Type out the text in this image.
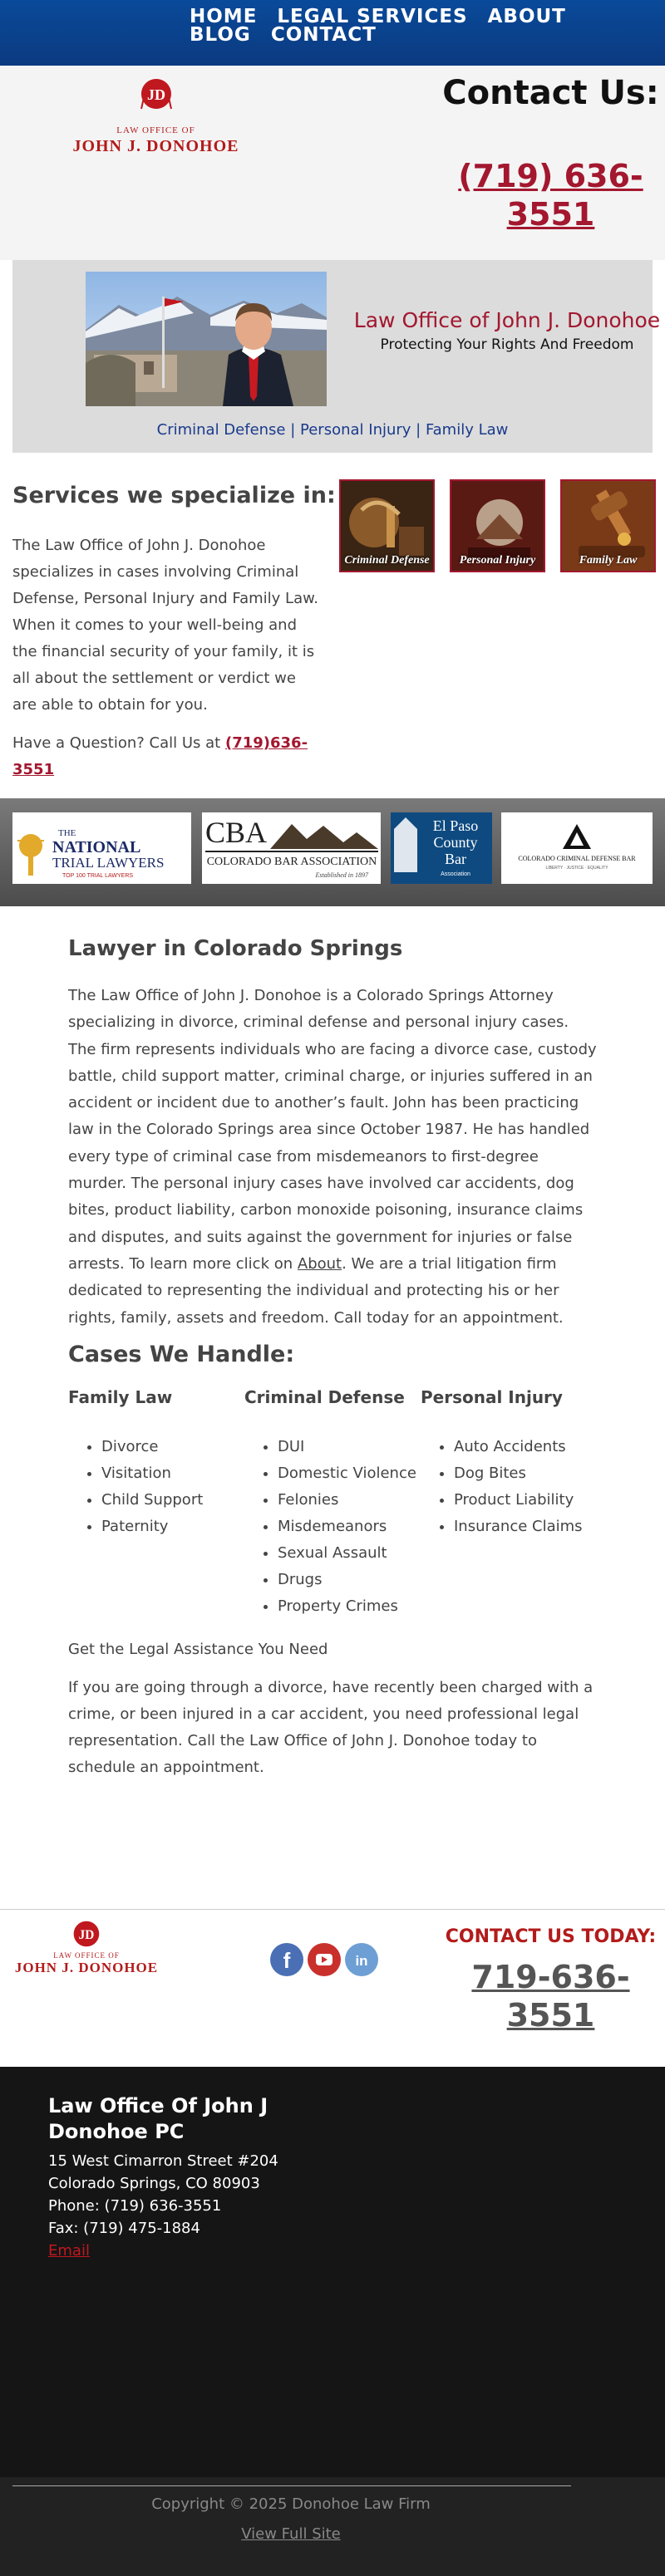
HOME LEGAL SERVICES ABOUTBLOG CONTACT
JD
LAW OFFICE OF
JOHN J. DONOHOE
Contact Us:
(719) 636-3551
Law Office of John J. Donohoe
Protecting Your Rights And Freedom
Criminal Defense | Personal Injury | Family Law
Services we specialize in:

The Law Office of John J. Donohoe specializes in cases involving Criminal Defense, Personal Injury and Family Law. When it comes to your well-being and the financial security of your family, it is all about the settlement or verdict we are able to obtain for you.

Have a Question? Call Us at (719)636-3551

Criminal Defense	Personal Injury	Family Law
THE
NATIONAL
TRIAL LAWYERS
TOP 100 TRIAL LAWYERS
CBA
COLORADO BAR ASSOCIATION
Established in 1897
El Paso
County
Bar
Association
COLORADO CRIMINAL DEFENSE BAR
LIBERTY · JUSTICE · EQUALITY
Lawyer in Colorado Springs
The Law Office of John J. Donohoe is a Colorado Springs Attorney specializing in divorce, criminal defense and personal injury cases. The firm represents individuals who are facing a divorce case, custody battle, child support matter, criminal charge, or injuries suffered in an accident or incident due to another’s fault. John has been practicing law in the Colorado Springs area since October 1987. He has handled every type of criminal case from misdemeanors to first-degree murder. The personal injury cases have involved car accidents, dog bites, product liability, carbon monoxide poisoning, insurance claims and disputes, and suits against the government for injuries or false arrests. To learn more click on About. We are a trial litigation firm dedicated to representing the individual and protecting his or her rights, family, assets and freedom. Call today for an appointment.
Cases We Handle:
Family Law
• Divorce
• Visitation
• Child Support
• Paternity
Criminal Defense
• DUI
• Domestic Violence
• Felonies
• Misdemeanors
• Sexual Assault
• Drugs
• Property Crimes
Personal Injury
• Auto Accidents
• Dog Bites
• Product Liability
• Insurance Claims

Get the Legal Assistance You Need

If you are going through a divorce, have recently been charged with a crime, or been injured in a car accident, you need professional legal representation. Call the Law Office of John J. Donohoe today to schedule an appointment.

JD
LAW OFFICE OF
JOHN J. DONOHOE	f	in
CONTACT US TODAY:
719-636-3551
Law Office Of John J Donohoe PC
15 West Cimarron Street #204
Colorado Springs, CO 80903
Phone: (719) 636-3551
Fax: (719) 475-1884
Email
Copyright © 2025 Donohoe Law Firm
View Full Site
